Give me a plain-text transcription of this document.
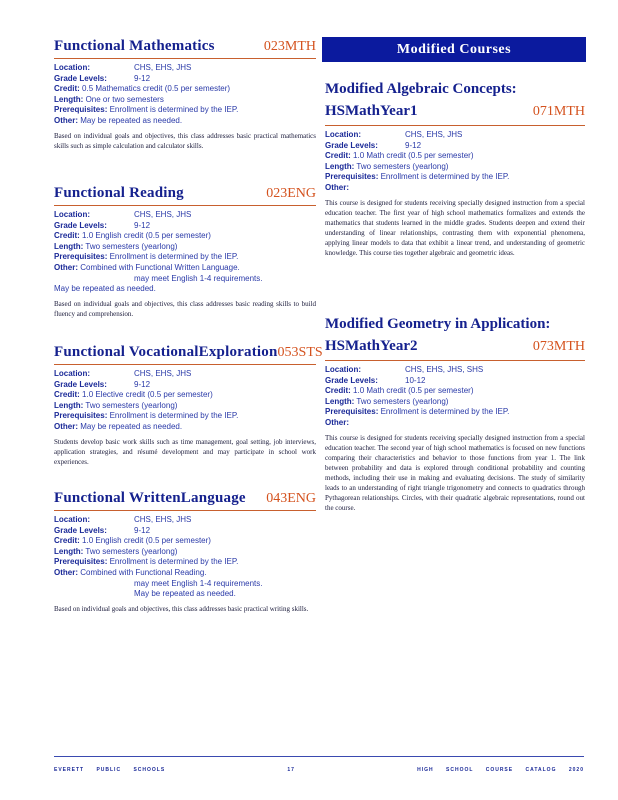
Functional Mathematics	023MTH
Location:	CHS, EHS, JHS
Grade Levels:	9-12
Credit: 0.5 Mathematics credit (0.5 per semester)
Length: One or two semesters
Prerequisites: Enrollment is determined by the IEP.
Other: May be repeated as needed.
Based on individual goals and objectives, this class addresses basic practical mathematics skills such as simple calculation and calculator skills.
Functional Reading	023ENG
Location:	CHS, EHS, JHS
Grade Levels:	9-12
Credit: 1.0 English credit (0.5 per semester)
Length: Two semesters (yearlong)
Prerequisites: Enrollment is determined by the IEP.
Other: Combined with Functional Written Language.
may meet English 1-4 requirements.
May be repeated as needed.
Based on individual goals and objectives, this class addresses basic reading skills to build fluency and comprehension.
Functional VocationalExploration 053STS
Location:	CHS, EHS, JHS
Grade Levels:	9-12
Credit: 1.0 Elective credit (0.5 per semester)
Length: Two semesters (yearlong)
Prerequisites: Enrollment is determined by the IEP.
Other: May be repeated as needed.
Students develop basic work skills such as time management, goal setting, job interviews, application strategies, and résumé development and may participate in school work experiences.
Functional WrittenLanguage 043ENG
Location:	CHS, EHS, JHS
Grade Levels:	9-12
Credit: 1.0 English credit (0.5 per semester)
Length: Two semesters (yearlong)
Prerequisites: Enrollment is determined by the IEP.
Other: Combined with Functional Reading.
may meet English 1-4 requirements.
May be repeated as needed.
Based on individual goals and objectives, this class addresses basic practical writing skills.
Modified Courses
Modified Algebraic Concepts:
HSMathYear1	071MTH
Location:	CHS, EHS, JHS
Grade Levels:	9-12
Credit: 1.0 Math credit (0.5 per semester)
Length: Two semesters (yearlong)
Prerequisites: Enrollment is determined by the IEP.
Other:
This course is designed for students receiving specially designed instruction from a special education teacher. The first year of high school mathematics formalizes and extends the mathematics that students learned in the middle grades. Students deepen and extend their understanding of linear relationships, contrasting them with exponential phenomena, applying linear models to data that exhibit a linear trend, and understanding of geometric knowledge. This course ties together algebraic and geometric ideas.
Modified Geometry in Application:
HSMathYear2	073MTH
Location:	CHS, EHS, JHS, SHS
Grade Levels:	10-12
Credit: 1.0 Math credit (0.5 per semester)
Length: Two semesters (yearlong)
Prerequisites: Enrollment is determined by the IEP.
Other:
This course is designed for students receiving specially designed instruction from a special education teacher. The second year of high school mathematics is focused on new functions comparing their characteristics and behavior to those functions from year 1. The link between probability and data is explored through conditional probability and counting methods, including their use in making and evaluating decisions. The study of similarity leads to an understanding of right triangle trigonometry and connects to quadratics through Pythagorean relationships. Circles, with their quadratic algebraic representations, round out the course.
EVERETT PUBLIC SCHOOLS	17	HIGH SCHOOL COURSE CATALOG 2020
